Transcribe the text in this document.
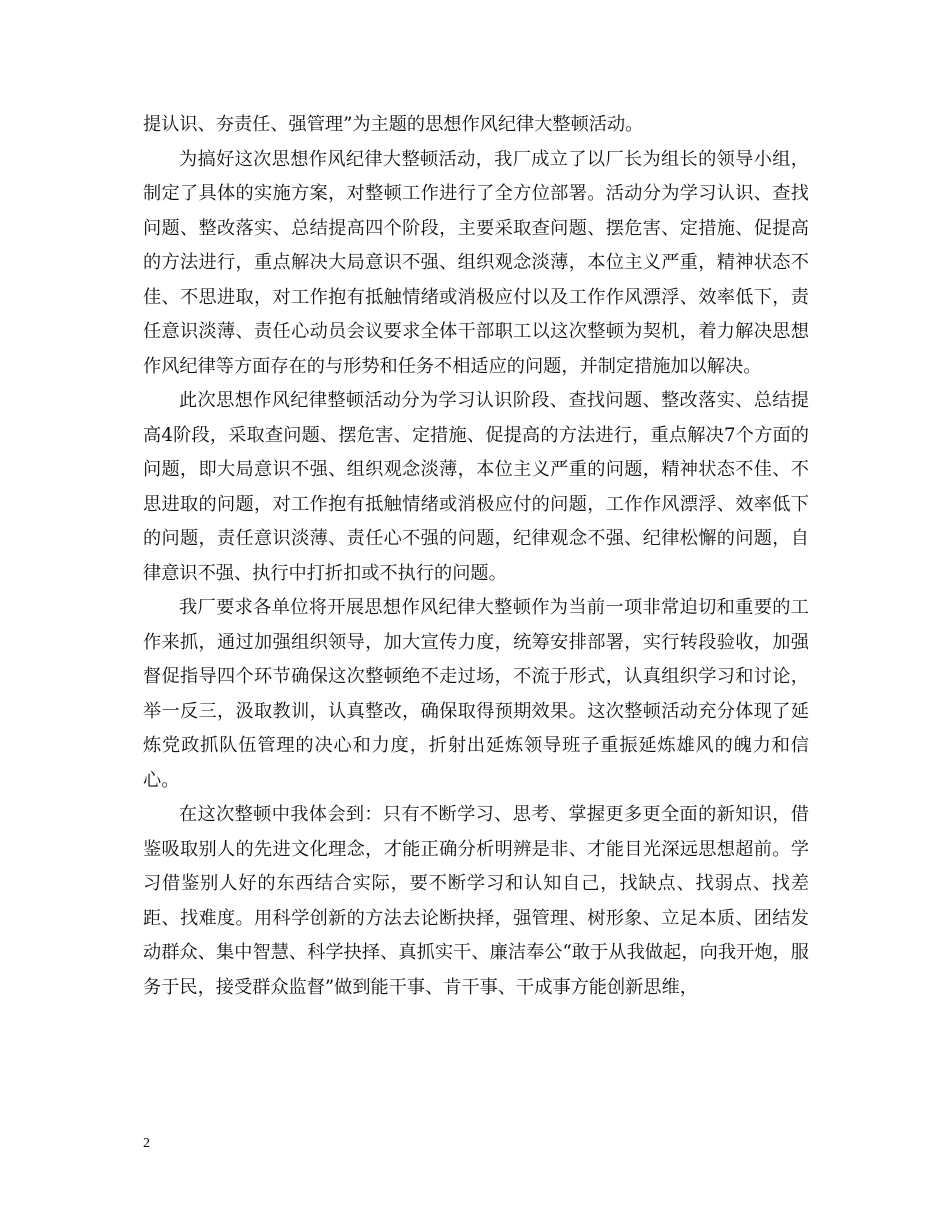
提认识、夯责任、强管理”为主题的思想作风纪律大整顿活动。

为搞好这次思想作风纪律大整顿活动，我厂成立了以厂长为组长的领导小组，制定了具体的实施方案，对整顿工作进行了全方位部署。活动分为学习认识、查找问题、整改落实、总结提高四个阶段，主要采取查问题、摆危害、定措施、促提高的方法进行，重点解决大局意识不强、组织观念淡薄，本位主义严重，精神状态不佳、不思进取，对工作抱有抵触情绪或消极应付以及工作作风漂浮、效率低下，责任意识淡薄、责任心动员会议要求全体干部职工以这次整顿为契机，着力解决思想作风纪律等方面存在的与形势和任务不相适应的问题，并制定措施加以解决。

此次思想作风纪律整顿活动分为学习认识阶段、查找问题、整改落实、总结提高4阶段，采取查问题、摆危害、定措施、促提高的方法进行，重点解决7个方面的问题，即大局意识不强、组织观念淡薄，本位主义严重的问题，精神状态不佳、不思进取的问题，对工作抱有抵触情绪或消极应付的问题，工作作风漂浮、效率低下的问题，责任意识淡薄、责任心不强的问题，纪律观念不强、纪律松懈的问题，自律意识不强、执行中打折扣或不执行的问题。

我厂要求各单位将开展思想作风纪律大整顿作为当前一项非常迫切和重要的工作来抓，通过加强组织领导，加大宣传力度，统筹安排部署，实行转段验收，加强督促指导四个环节确保这次整顿绝不走过场，不流于形式，认真组织学习和讨论，举一反三，汲取教训，认真整改，确保取得预期效果。这次整顿活动充分体现了延炼党政抓队伍管理的决心和力度，折射出延炼领导班子重振延炼雄风的魄力和信心。

在这次整顿中我体会到：只有不断学习、思考、掌握更多更全面的新知识，借鉴吸取别人的先进文化理念，才能正确分析明辨是非、才能目光深远思想超前。学习借鉴别人好的东西结合实际，要不断学习和认知自己，找缺点、找弱点、找差距、找难度。用科学创新的方法去论断抉择，强管理、树形象、立足本质、团结发动群众、集中智慧、科学抉择、真抓实干、廉洁奉公“敢于从我做起，向我开炮，服务于民，接受群众监督”做到能干事、肯干事、干成事方能创新思维，

2
